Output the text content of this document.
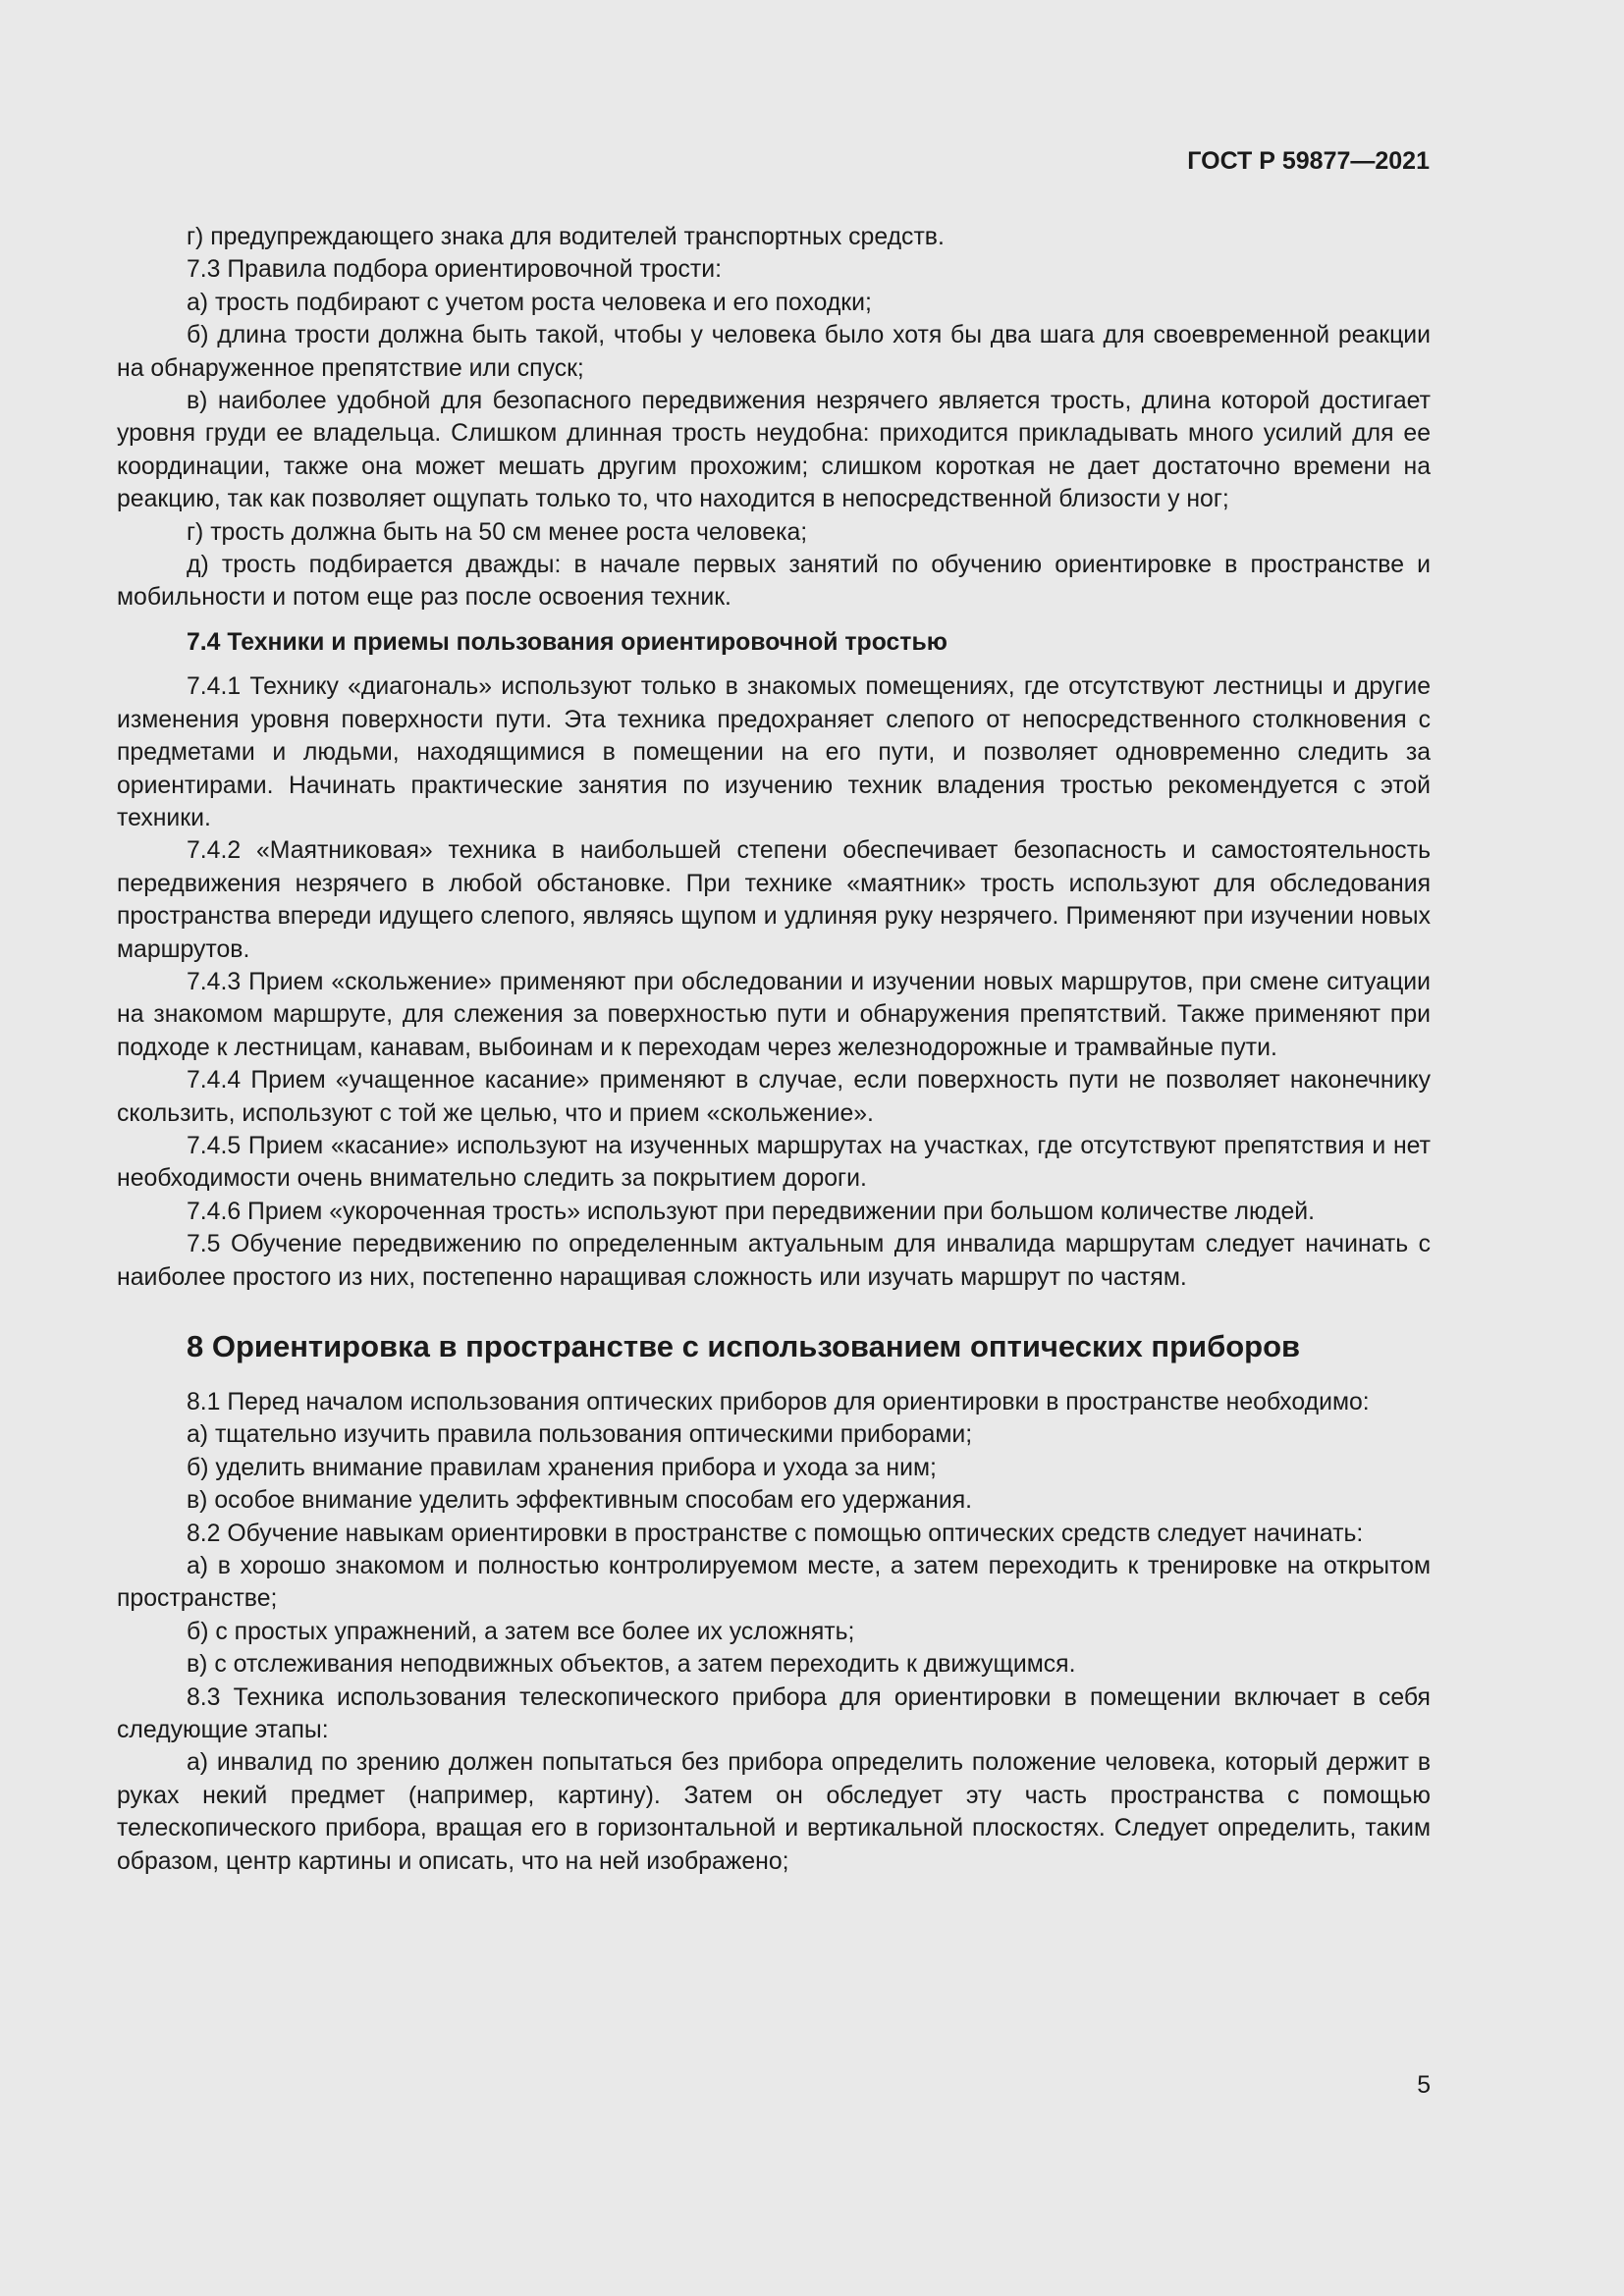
ГОСТ Р 59877—2021

г) предупреждающего знака для водителей транспортных средств.

7.3 Правила подбора ориентировочной трости:

а) трость подбирают с учетом роста человека и его походки;

б) длина трости должна быть такой, чтобы у человека было хотя бы два шага для своевременной реакции на обнаруженное препятствие или спуск;

в) наиболее удобной для безопасного передвижения незрячего является трость, длина которой достигает уровня груди ее владельца. Слишком длинная трость неудобна: приходится прикладывать много усилий для ее координации, также она может мешать другим прохожим; слишком короткая не дает достаточно времени на реакцию, так как позволяет ощупать только то, что находится в непосредственной близости у ног;

г) трость должна быть на 50 см менее роста человека;

д) трость подбирается дважды: в начале первых занятий по обучению ориентировке в пространстве и мобильности и потом еще раз после освоения техник.

7.4 Техники и приемы пользования ориентировочной тростью

7.4.1 Технику «диагональ» используют только в знакомых помещениях, где отсутствуют лестницы и другие изменения уровня поверхности пути. Эта техника предохраняет слепого от непосредственного столкновения с предметами и людьми, находящимися в помещении на его пути, и позволяет одновременно следить за ориентирами. Начинать практические занятия по изучению техник владения тростью рекомендуется с этой техники.

7.4.2 «Маятниковая» техника в наибольшей степени обеспечивает безопасность и самостоятельность передвижения незрячего в любой обстановке. При технике «маятник» трость используют для обследования пространства впереди идущего слепого, являясь щупом и удлиняя руку незрячего. Применяют при изучении новых маршрутов.

7.4.3 Прием «скольжение» применяют при обследовании и изучении новых маршрутов, при смене ситуации на знакомом маршруте, для слежения за поверхностью пути и обнаружения препятствий. Также применяют при подходе к лестницам, канавам, выбоинам и к переходам через железнодорожные и трамвайные пути.

7.4.4 Прием «учащенное касание» применяют в случае, если поверхность пути не позволяет наконечнику скользить, используют с той же целью, что и прием «скольжение».

7.4.5 Прием «касание» используют на изученных маршрутах на участках, где отсутствуют препятствия и нет необходимости очень внимательно следить за покрытием дороги.

7.4.6 Прием «укороченная трость» используют при передвижении при большом количестве людей.

7.5 Обучение передвижению по определенным актуальным для инвалида маршрутам следует начинать с наиболее простого из них, постепенно наращивая сложность или изучать маршрут по частям.

8 Ориентировка в пространстве с использованием оптических приборов

8.1 Перед началом использования оптических приборов для ориентировки в пространстве необходимо:

а) тщательно изучить правила пользования оптическими приборами;

б) уделить внимание правилам хранения прибора и ухода за ним;

в) особое внимание уделить эффективным способам его удержания.

8.2 Обучение навыкам ориентировки в пространстве с помощью оптических средств следует начинать:

а) в хорошо знакомом и полностью контролируемом месте, а затем переходить к тренировке на открытом пространстве;

б) с простых упражнений, а затем все более их усложнять;

в) с отслеживания неподвижных объектов, а затем переходить к движущимся.

8.3 Техника использования телескопического прибора для ориентировки в помещении включает в себя следующие этапы:

а) инвалид по зрению должен попытаться без прибора определить положение человека, который держит в руках некий предмет (например, картину). Затем он обследует эту часть пространства с помощью телескопического прибора, вращая его в горизонтальной и вертикальной плоскостях. Следует определить, таким образом, центр картины и описать, что на ней изображено;

5
